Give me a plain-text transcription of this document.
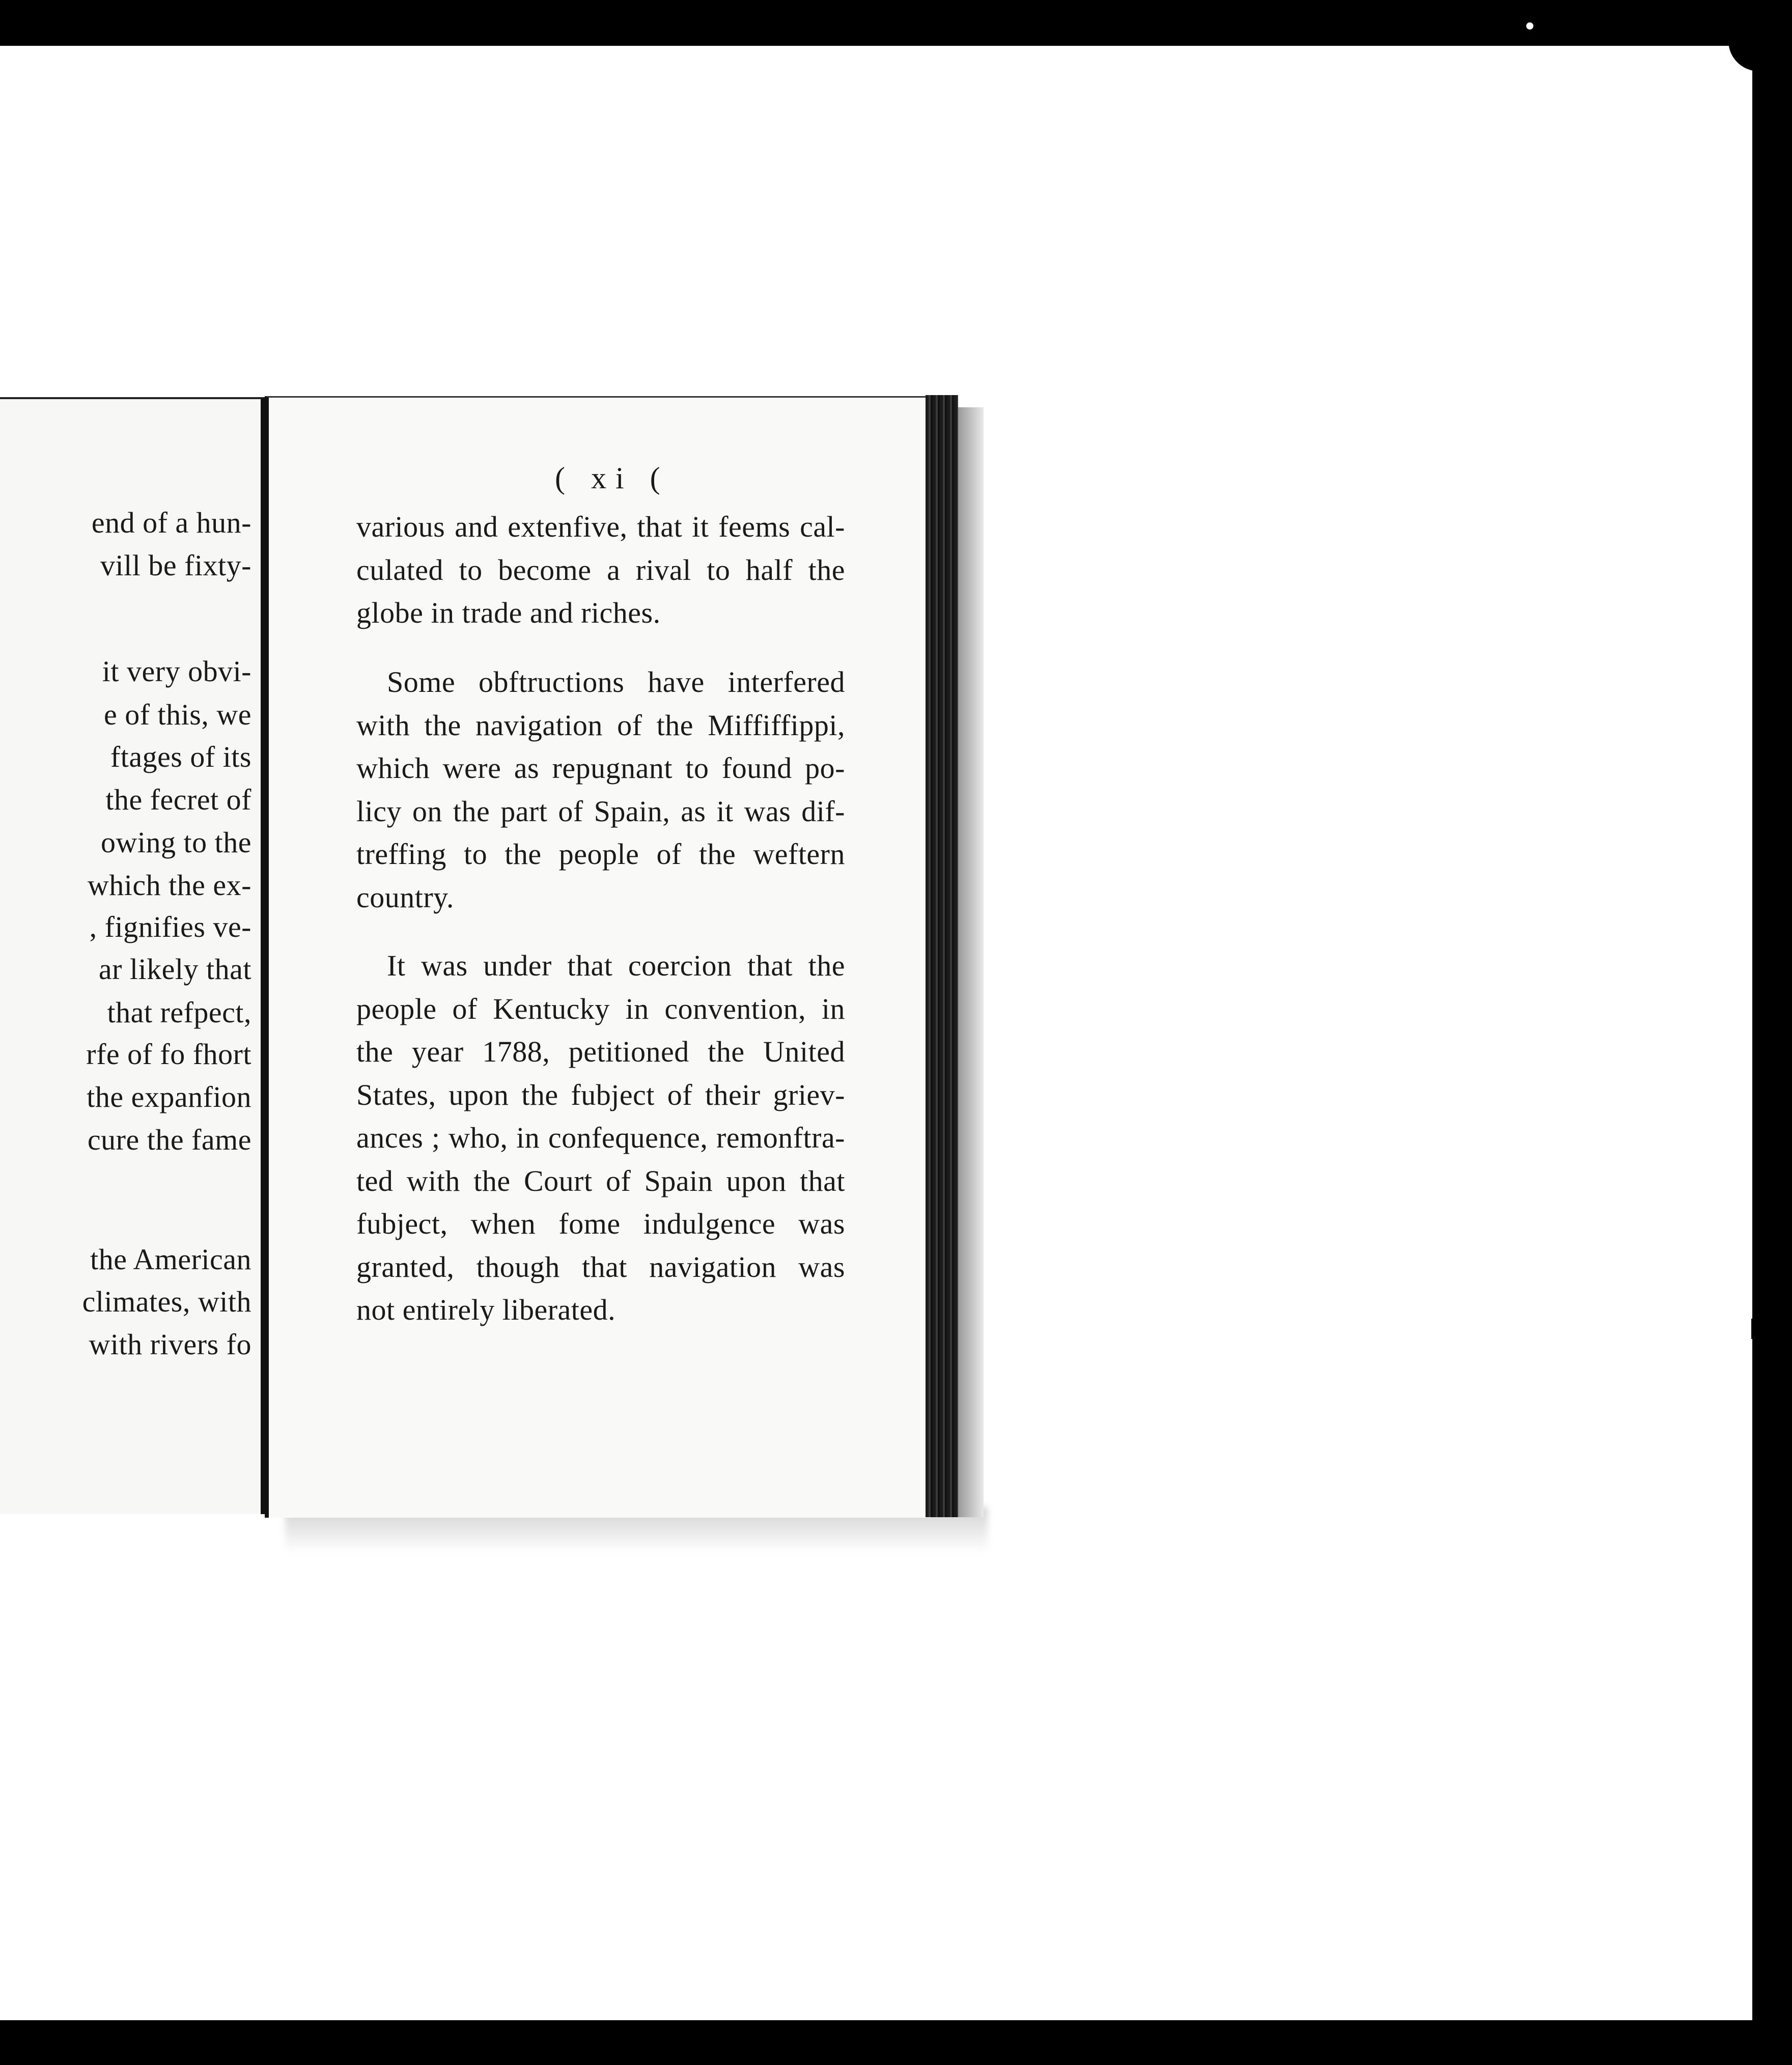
end of a hun-
vill be fixty-
it very obvi-
e of this, we
ftages of its
the fecret of
owing to the
which the ex-
, fignifies ve-
ar likely that
that refpect,
rfe of fo fhort
the expanfion
cure the fame
the American
climates, with
with rivers fo
( xi (
various and extenfive, that it feems cal-
culated to become a rival to half the
globe in trade and riches.
Some obftructions have interfered
with the navigation of the Miffiffippi,
which were as repugnant to found po-
licy on the part of Spain, as it was dif-
treffing to the people of the weftern
country.
It was under that coercion that the
people of Kentucky in convention, in
the year 1788, petitioned the United
States, upon the fubject of their griev-
ances ; who, in confequence, remonftra-
ted with the Court of Spain upon that
fubject, when fome indulgence was
granted, though that navigation was
not entirely liberated.
